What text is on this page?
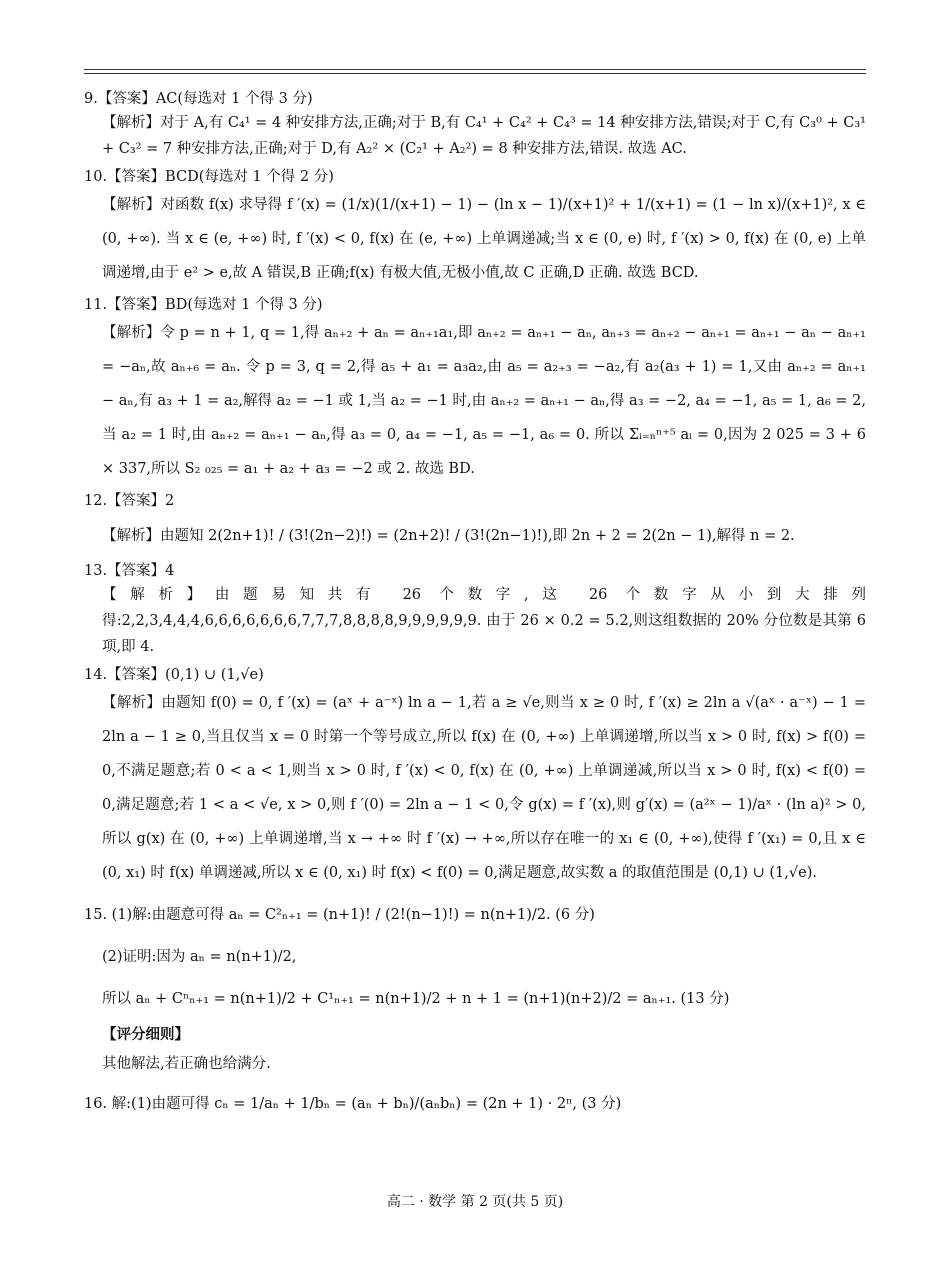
9.【答案】AC(每选对 1 个得 3 分)
【解析】对于 A,有 C₄¹ = 4 种安排方法,正确;对于 B,有 C₄¹ + C₄² + C₄³ = 14 种安排方法,错误;对于 C,有 C₃⁰ + C₃¹ + C₃² = 7 种安排方法,正确;对于 D,有 A₂² × (C₂¹ + A₂²) = 8 种安排方法,错误. 故选 AC.
10.【答案】BCD(每选对 1 个得 2 分)
【解析】对函数 f(x) 求导得 f ′(x) = (1/x)(1/(x+1) − 1) − (ln x − 1)/(x+1)² + 1/(x+1) = (1 − ln x)/(x+1)², x ∈ (0, +∞). 当 x ∈ (e, +∞) 时, f ′(x) < 0, f(x) 在 (e, +∞) 上单调递减;当 x ∈ (0, e) 时, f ′(x) > 0, f(x) 在 (0, e) 上单调递增,由于 e² > e,故 A 错误,B 正确;f(x) 有极大值,无极小值,故 C 正确,D 正确. 故选 BCD.
11.【答案】BD(每选对 1 个得 3 分)
【解析】令 p = n + 1, q = 1,得 aₙ₊₂ + aₙ = aₙ₊₁a₁,即 aₙ₊₂ = aₙ₊₁ − aₙ, aₙ₊₃ = aₙ₊₂ − aₙ₊₁ = aₙ₊₁ − aₙ − aₙ₊₁ = −aₙ,故 aₙ₊₆ = aₙ. 令 p = 3, q = 2,得 a₅ + a₁ = a₃a₂,由 a₅ = a₂₊₃ = −a₂,有 a₂(a₃ + 1) = 1,又由 aₙ₊₂ = aₙ₊₁ − aₙ,有 a₃ + 1 = a₂,解得 a₂ = −1 或 1,当 a₂ = −1 时,由 aₙ₊₂ = aₙ₊₁ − aₙ,得 a₃ = −2, a₄ = −1, a₅ = 1, a₆ = 2,当 a₂ = 1 时,由 aₙ₊₂ = aₙ₊₁ − aₙ,得 a₃ = 0, a₄ = −1, a₅ = −1, a₆ = 0. 所以 Σᵢ₌ₙⁿ⁺⁵ aᵢ = 0,因为 2 025 = 3 + 6 × 337,所以 S₂ ₀₂₅ = a₁ + a₂ + a₃ = −2 或 2. 故选 BD.
12.【答案】2
【解析】由题知 2(2n+1)! / (3!(2n−2)!) = (2n+2)! / (3!(2n−1)!),即 2n + 2 = 2(2n − 1),解得 n = 2.
13.【答案】4
【解析】由题易知共有 26 个数字,这 26 个数字从小到大排列得:2,2,3,4,4,4,6,6,6,6,6,6,6,7,7,7,8,8,8,8,9,9,9,9,9,9. 由于 26 × 0.2 = 5.2,则这组数据的 20% 分位数是其第 6 项,即 4.
14.【答案】(0,1) ∪ (1,√e)
【解析】由题知 f(0) = 0, f ′(x) = (aˣ + a⁻ˣ) ln a − 1,若 a ≥ √e,则当 x ≥ 0 时, f ′(x) ≥ 2ln a √(aˣ · a⁻ˣ) − 1 = 2ln a − 1 ≥ 0,当且仅当 x = 0 时第一个等号成立,所以 f(x) 在 (0, +∞) 上单调递增,所以当 x > 0 时, f(x) > f(0) = 0,不满足题意;若 0 < a < 1,则当 x > 0 时, f ′(x) < 0, f(x) 在 (0, +∞) 上单调递减,所以当 x > 0 时, f(x) < f(0) = 0,满足题意;若 1 < a < √e, x > 0,则 f ′(0) = 2ln a − 1 < 0,令 g(x) = f ′(x),则 g′(x) = (a²ˣ − 1)/aˣ · (ln a)² > 0,所以 g(x) 在 (0, +∞) 上单调递增,当 x → +∞ 时 f ′(x) → +∞,所以存在唯一的 x₁ ∈ (0, +∞),使得 f ′(x₁) = 0,且 x ∈ (0, x₁) 时 f(x) 单调递减,所以 x ∈ (0, x₁) 时 f(x) < f(0) = 0,满足题意,故实数 a 的取值范围是 (0,1) ∪ (1,√e).
15. (1)解:由题意可得 aₙ = C²ₙ₊₁ = (n+1)! / (2!(n−1)!) = n(n+1)/2. (6 分)
(2)证明:因为 aₙ = n(n+1)/2,
所以 aₙ + Cⁿₙ₊₁ = n(n+1)/2 + C¹ₙ₊₁ = n(n+1)/2 + n + 1 = (n+1)(n+2)/2 = aₙ₊₁. (13 分)
【评分细则】
其他解法,若正确也给满分.
16. 解:(1)由题可得 cₙ = 1/aₙ + 1/bₙ = (aₙ + bₙ)/(aₙbₙ) = (2n + 1) · 2ⁿ, (3 分)
高二 · 数学 第 2 页(共 5 页)
